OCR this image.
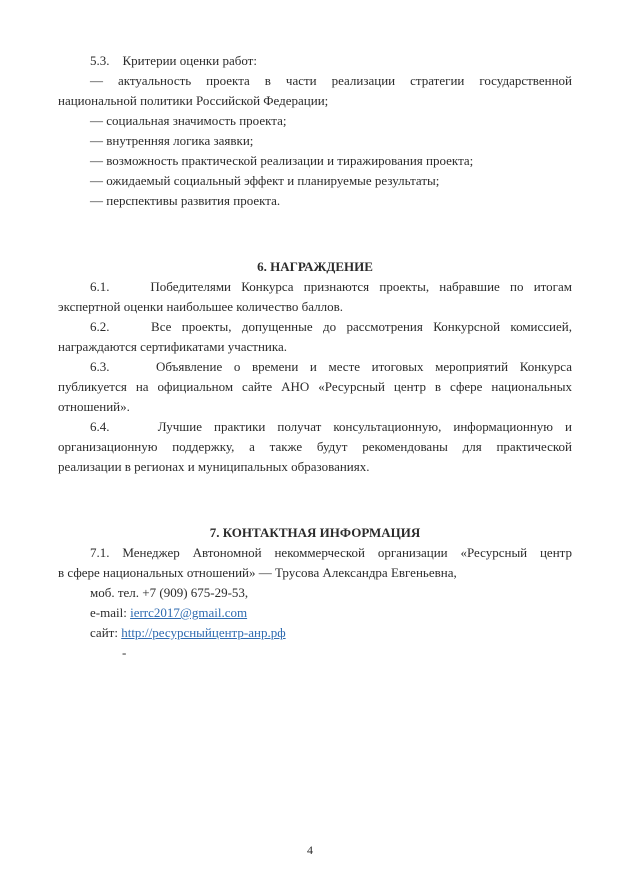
5.3.    Критерии оценки работ:
— актуальность проекта в части реализации стратегии государственной
национальной политики Российской Федерации;
— социальная значимость проекта;
— внутренняя логика заявки;
— возможность практической реализации и тиражирования проекта;
— ожидаемый социальный эффект и планируемые результаты;
— перспективы развития проекта.
6. НАГРАЖДЕНИЕ
6.1.    Победителями Конкурса признаются проекты, набравшие по итогам
экспертной оценки наибольшее количество баллов.
6.2.    Все проекты, допущенные до рассмотрения Конкурсной комиссией,
награждаются сертификатами участника.
6.3.    Объявление о времени и месте итоговых мероприятий Конкурса
публикуется на официальном сайте АНО «Ресурсный центр в сфере национальных
отношений».
6.4.    Лучшие практики получат консультационную, информационную и
организационную поддержку, а также будут рекомендованы для практической
реализации в регионах и муниципальных образованиях.
7. КОНТАКТНАЯ ИНФОРМАЦИЯ
7.1. Менеджер Автономной некоммерческой организации «Ресурсный центр
в сфере национальных отношений» — Трусова Александра Евгеньевна,
моб. тел. +7 (909) 675-29-53,
e-mail: ierrc2017@gmail.com
сайт: http://ресурсныйцентр-анр.рф
-
4
